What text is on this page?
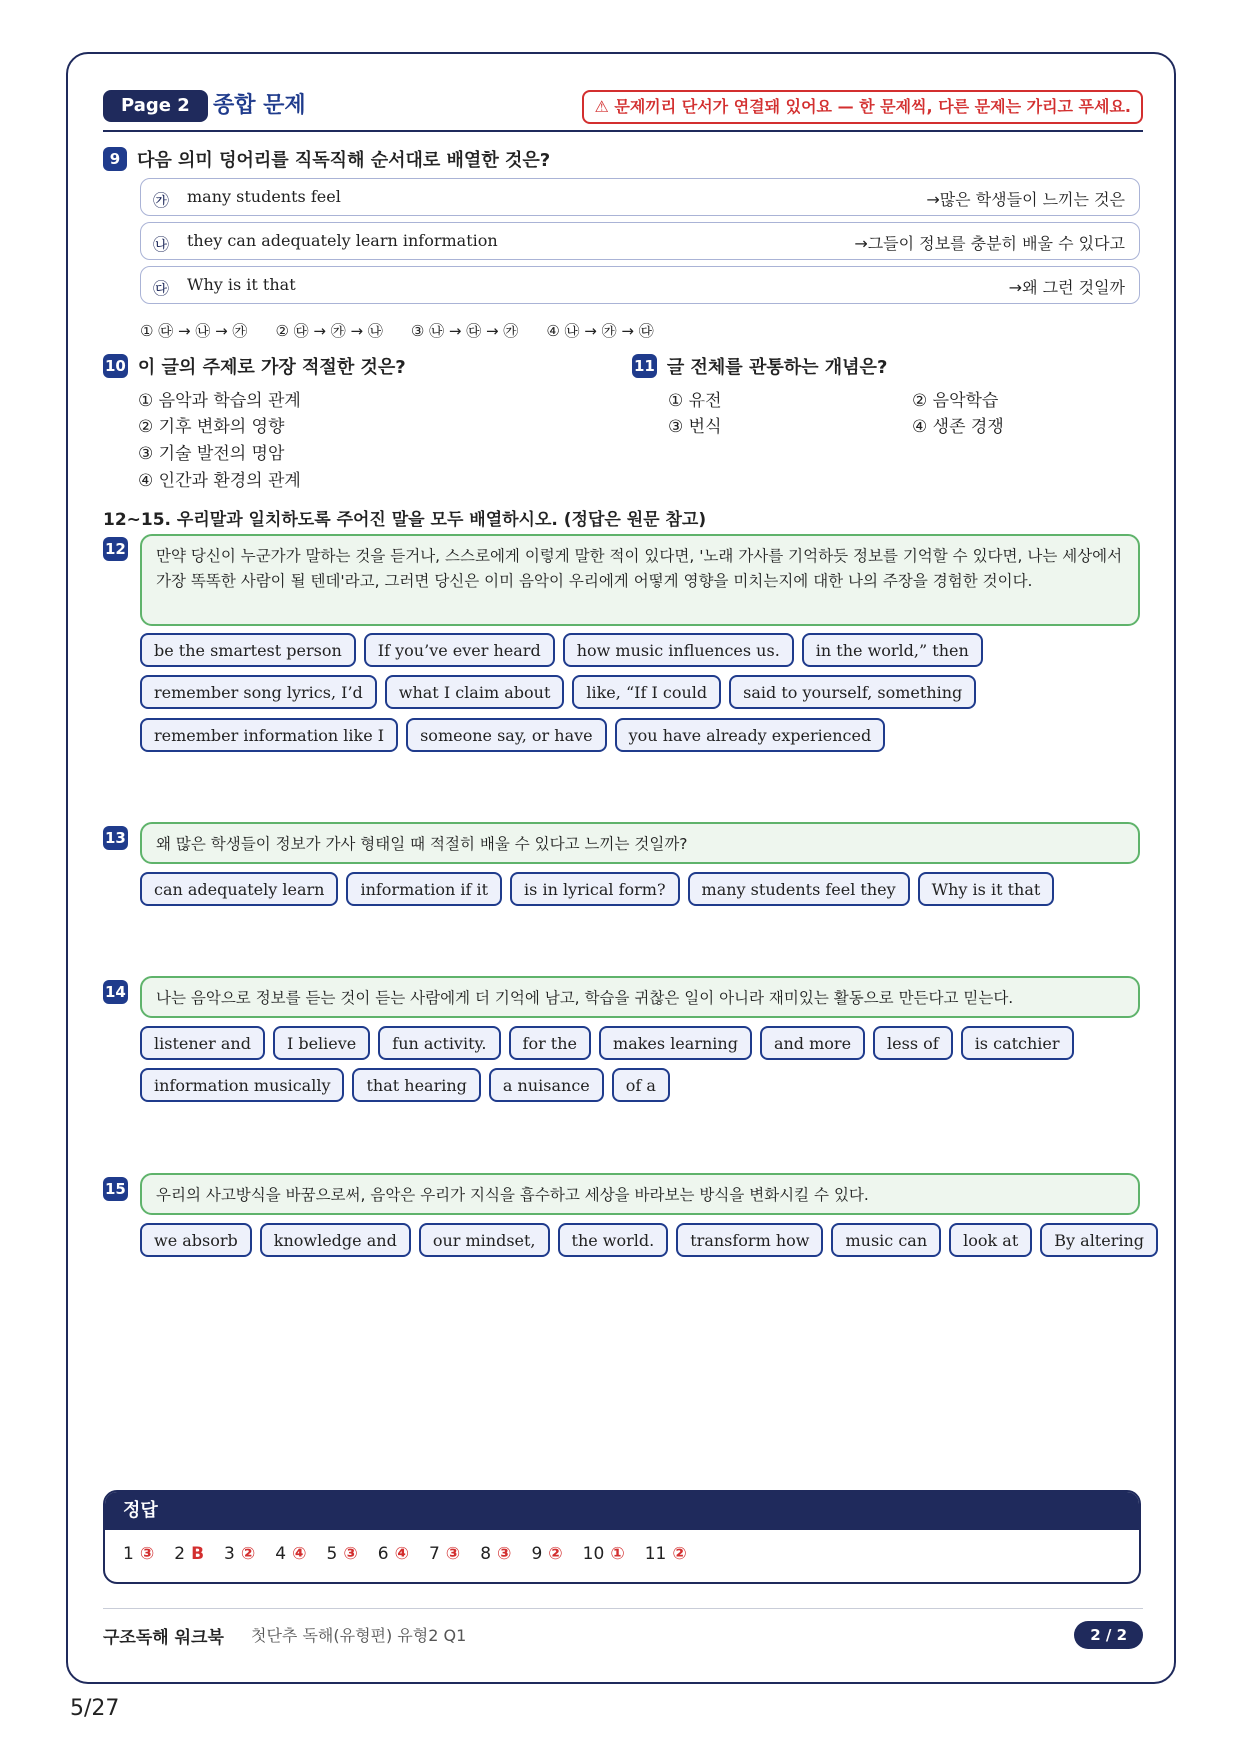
Page 2	종합 문제	⚠ 문제끼리 단서가 연결돼 있어요 — 한 문제씩, 다른 문제는 가리고 푸세요.
9 다음 의미 덩어리를 직독직해 순서대로 배열한 것은?
㉮ many students feel	→많은 학생들이 느끼는 것은
㉯ they can adequately learn information	→그들이 정보를 충분히 배울 수 있다고
㉰ Why is it that	→왜 그런 것일까
① ㉰ → ㉯ → ㉮ ② ㉰ → ㉮ → ㉯ ③ ㉯ → ㉰ → ㉮ ④ ㉯ → ㉮ → ㉰
10 이 글의 주제로 가장 적절한 것은?
① 음악과 학습의 관계
② 기후 변화의 영향
③ 기술 발전의 명암
④ 인간과 환경의 관계
11 글 전체를 관통하는 개념은?
① 유전	② 음악학습
③ 번식	④ 생존 경쟁
12~15. 우리말과 일치하도록 주어진 말을 모두 배열하시오. (정답은 원문 참고)
12	만약 당신이 누군가가 말하는 것을 듣거나, 스스로에게 이렇게 말한 적이 있다면, '노래 가사를 기억하듯 정보를 기억할 수 있다면, 나는 세상에서 가장 똑똑한 사람이 될 텐데'라고, 그러면 당신은 이미 음악이 우리에게 어떻게 영향을 미치는지에 대한 나의 주장을 경험한 것이다.
be the smartest person	If you’ve ever heard	how music influences us.	in the world,” then
remember song lyrics, I’d	what I claim about	like, “If I could	said to yourself, something
remember information like I	someone say, or have	you have already experienced
13	왜 많은 학생들이 정보가 가사 형태일 때 적절히 배울 수 있다고 느끼는 것일까?
can adequately learn	information if it	is in lyrical form?	many students feel they	Why is it that
14	나는 음악으로 정보를 듣는 것이 듣는 사람에게 더 기억에 남고, 학습을 귀찮은 일이 아니라 재미있는 활동으로 만든다고 믿는다.
listener and	I believe	fun activity.	for the	makes learning	and more	less of	is catchier
information musically	that hearing	a nuisance	of a
15	우리의 사고방식을 바꿈으로써, 음악은 우리가 지식을 흡수하고 세상을 바라보는 방식을 변화시킬 수 있다.
we absorb	knowledge and	our mindset,	the world.	transform how	music can	look at	By altering
정답
1 ③ 2 B 3 ② 4 ④ 5 ③ 6 ④ 7 ③ 8 ③ 9 ② 10 ① 11 ②
구조독해 워크북 첫단추 독해(유형편) 유형2 Q1	2 / 2
5/27
